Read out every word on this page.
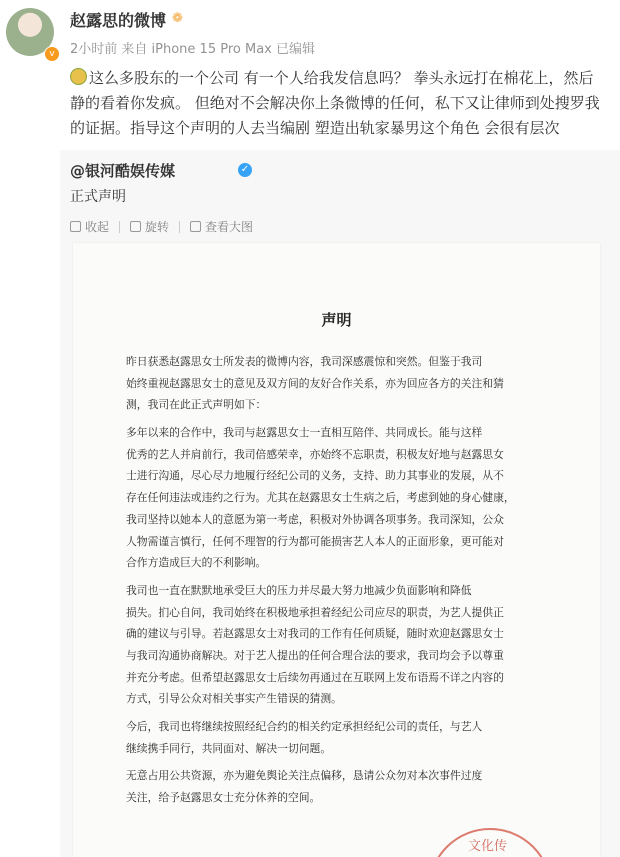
v
赵露思的微博 ❁
2小时前 来自 iPhone 15 Pro Max 已编辑
这么多股东的一个公司 有一个人给我发信息吗？ 拳头永远打在棉花上，然后
静的看着你发疯。 但绝对不会解决你上条微博的任何，私下又让律师到处搜罗我
的证据。指导这个声明的人去当编剧 塑造出轨家暴男这个角色 会很有层次
@银河酷娱传媒	✓
正式声明
收起	旋转	查看大图
声明
昨日获悉赵露思女士所发表的微博内容，我司深感震惊和突然。但鉴于我司
始终重视赵露思女士的意见及双方间的友好合作关系，亦为回应各方的关注和猜
测，我司在此正式声明如下：
多年以来的合作中，我司与赵露思女士一直相互陪伴、共同成长。能与这样
优秀的艺人并肩前行，我司倍感荣幸，亦始终不忘职责，积极友好地与赵露思女
士进行沟通，尽心尽力地履行经纪公司的义务，支持、助力其事业的发展，从不
存在任何违法或违约之行为。尤其在赵露思女士生病之后，考虑到她的身心健康，
我司坚持以她本人的意愿为第一考虑，积极对外协调各项事务。我司深知，公众
人物需谨言慎行，任何不理智的行为都可能损害艺人本人的正面形象，更可能对
合作方造成巨大的不利影响。
我司也一直在默默地承受巨大的压力并尽最大努力地减少负面影响和降低
损失。扪心自问，我司始终在积极地承担着经纪公司应尽的职责，为艺人提供正
确的建议与引导。若赵露思女士对我司的工作有任何质疑，随时欢迎赵露思女士
与我司沟通协商解决。对于艺人提出的任何合理合法的要求，我司均会予以尊重
并充分考虑。但希望赵露思女士后续勿再通过在互联网上发布语焉不详之内容的
方式，引导公众对相关事实产生错误的猜测。
今后，我司也将继续按照经纪合约的相关约定承担经纪公司的责任，与艺人
继续携手同行，共同面对、解决一切问题。
无意占用公共资源，亦为避免舆论关注点偏移，恳请公众勿对本次事件过度
关注，给予赵露思女士充分休养的空间。
文化传
